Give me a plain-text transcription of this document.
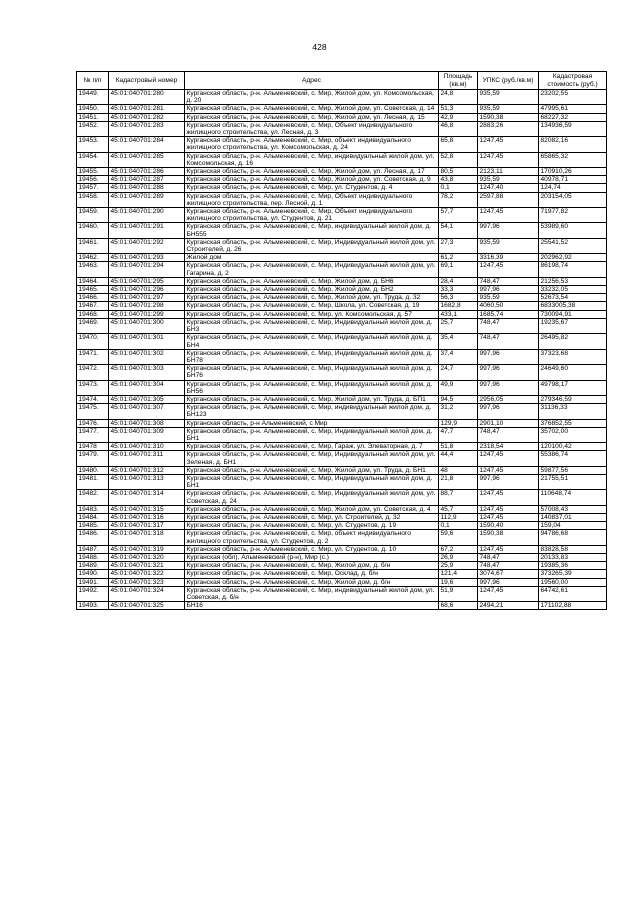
428
№ п/п	Кадастровый номер	Адрес	Площадь (кв.м)	УПКС (руб./кв.м)	Кадастровая стоимость (руб.)
19449.	45:01:040701:280	Курганская область, р-н. Альменевский, с. Мир, Жилой дом, ул. Комсомольская, д. 20	24,8	935,59	23202,55
19450.	45:01:040701:281	Курганская область, р-н. Альменевский, с. Мир, Жилой дом, ул. Советская, д. 14	51,3	935,59	47995,61
19451.	45:01:040701:282	Курганская область, р-н. Альменевский, с. Мир, Жилой дом, ул. Лесная, д. 15	42,9	1590,38	68227,32
19452.	45:01:040701:283	Курганская область, р-н. Альменевский, с. Мир, Объект индивидуального жилищного строительства, ул. Лесная, д. 3	46,8	2883,26	134936,59
19453.	45:01:040701:284	Курганская область, р-н. Альменевский, с. Мир, объект индивидуального жилищного строительства, ул. Комсомольская, д. 24	65,8	1247,45	82082,16
19454.	45:01:040701:285	Курганская область, р-н. Альменевский, с. Мир, индивидуальный жилой дом, ул. Комсомольская, д. 16	52,8	1247,45	65865,32
19455.	45:01:040701:286	Курганская область, р-н. Альменевский, с. Мир, Жилой дом, ул. Лесная, д. 17	80,5	2123,11	170910,26
19456.	45:01:040701:287	Курганская область, р-н. Альменевский, с. Мир, Жилой дом, ул. Советская, д. 9	43,8	935,59	40978,71
19457.	45:01:040701:288	Курганская область, р-н. Альменевский, с. Мир, ул. Студентов, д. 4	0,1	1247,40	124,74
19458.	45:01:040701:289	Курганская область, р-н. Альменевский, с. Мир, Объект индивидуального жилищного строительства, пер. Лесной, д. 1	78,2	2597,88	203154,05
19459.	45:01:040701:290	Курганская область, р-н. Альменевский, с. Мир, Объект индивидуального жилищного строительства, ул. Студентов, д. 21	57,7	1247,45	71977,82
19460.	45:01:040701:291	Курганская область, р-н. Альменевский, с. Мир, индивидуальный жилой дом, д. БН555	54,1	997,96	53989,60
19461.	45:01:040701:292	Курганская область, р-н. Альменевский, с. Мир, Индивидуальный жилой дом, ул. Строителей, д. 26	27,3	935,59	25541,52
19462.	45:01:040701:293	Жилой дом	61,2	3316,39	202962,92
19463.	45:01:040701:294	Курганская область, р-н. Альменевский, с. Мир, Индивидуальный жилой дом, ул. Гагарина, д. 2	69,1	1247,45	86198,74
19464.	45:01:040701:295	Курганская область, р-н. Альменевский, с. Мир, Жилой дом, д. БН6	28,4	748,47	21256,53
19465.	45:01:040701:296	Курганская область, р-н. Альменевский, с. Мир, Жилой дом, д. БН2	33,3	997,96	33232,05
19466.	45:01:040701:297	Курганская область, р-н. Альменевский, с. Мир, Жилой дом, ул. Труда, д. 32	56,3	935,59	52673,54
19467.	45:01:040701:298	Курганская область, р-н. Альменевский, с. Мир, Школа, ул. Советская, д. 19	1682,8	4060,50	6833005,38
19468.	45:01:040701:299	Курганская область, р-н. Альменевский, с. Мир, ул. Комсомольская, д. 57	433,1	1685,74	730094,91
19469.	45:01:040701:300	Курганская область, р-н. Альменевский, с. Мир, Индивидуальный жилой дом, д. БН3	25,7	748,47	19235,67
19470.	45:01:040701:301	Курганская область, р-н. Альменевский, с. Мир, Индивидуальный жилой дом, д. БН4	35,4	748,47	26495,82
19471.	45:01:040701:302	Курганская область, р-н. Альменевский, с. Мир, Индивидуальный жилой дом, д. БН78	37,4	997,96	37323,68
19472.	45:01:040701:303	Курганская область, р-н. Альменевский, с. Мир, Индивидуальный жилой дом, д. БН76	24,7	997,96	24649,60
19473.	45:01:040701:304	Курганская область, р-н. Альменевский, с. Мир, Индивидуальный жилой дом, д. БН56	49,9	997,96	49798,17
19474.	45:01:040701:305	Курганская область, р-н. Альменевский, с. Мир, Жилой дом, ул. Труда, д. БП1	94,5	2956,05	279346,59
19475.	45:01:040701:307	Курганская область, р-н. Альменевский, с. Мир, индивидуальный жилой дом, д. БН123	31,2	997,96	31136,33
19476.	45:01:040701:308	Курганская область, р-н Альменевский, с Мир	129,9	2901,10	376852,55
19477.	45:01:040701:309	Курганская область, р-н. Альменевский, с. Мир, Индивидуальный жилой дом, д. БН1	47,7	748,47	35702,00
19478	45:01:040701:310	Курганская область, р-н. Альменевский, с. Мир, Гараж, ул. Элеваторная, д. 7	51,8	2318,54	120100,42
19479.	45:01:040701:311	Курганская область, р-н. Альменевский, с. Мир, Индивидуальный жилой дом, ул. Зеленая, д. БН1	44,4	1247,45	55386,74
19480.	45:01:040701:312	Курганская область, р-н. Альменевский, с. Мир, Жилой дом, ул. Труда, д. БН1	48	1247,45	59877,56
19481.	45:01:040701:313	Курганская область, р-н. Альменевский, с. Мир, Индивидуальный жилой дом, д. БН1	21,8	997,96	21755,51
19482.	45:01:040701:314	Курганская область, р-н. Альменевский, с. Мир, Индивидуальный жилой дом, ул. Советская, д. 24	88,7	1247,45	110648,74
19483.	45:01:040701:315	Курганская область, р-н. Альменевский, с. Мир, Жилой дом, ул. Советская, д. 4	45,7	1247,45	57008,43
19484.	45:01:040701:316	Курганская область, р-н. Альменевский, с. Мир, ул. Строителей, д. 32	112,9	1247,45	140837,01
19485.	45:01:040701:317	Курганская область, р-н. Альменевский, с. Мир, ул. Студентов, д. 19	0,1	1590,40	159,04
19486.	45:01:040701:318	Курганская область, р-н. Альменевский, с. Мир, объект индивидуального жилищного строительства, ул. Студентов, д. 2	59,6	1590,38	94786,68
19487.	45:01:040701:319	Курганская область, р-н. Альменевский, с. Мир, ул. Студентов, д. 10	67,2	1247,45	83828,58
19488.	45:01:040701:320	Курганская (обл), Альменевский (р-н), Мир (с.)	26,9	748,47	20133,83
19489.	45:01:040701:321	Курганская область, р-н. Альменевский, с. Мир, Жилой дом, д. б/н	25,9	748,47	19385,36
19490.	45:01:040701:322	Курганская область, р-н. Альменевский, с. Мир, Осклад, д. б/н	121,4	3074,67	373265,39
19491.	45:01:040701:323	Курганская область, р-н. Альменевский, с. Мир, Жилой дом, д. б/н	19,6	997,96	19560,00
19492.	45:01:040701:324	Курганская область, р-н. Альменевский, с. Мир, индивидуальный жилой дом, ул. Советская, д. б/н	51,9	1247,45	64742,61
19493.	45:01:040701:325	БН16	68,6	2494,21	171102,88
